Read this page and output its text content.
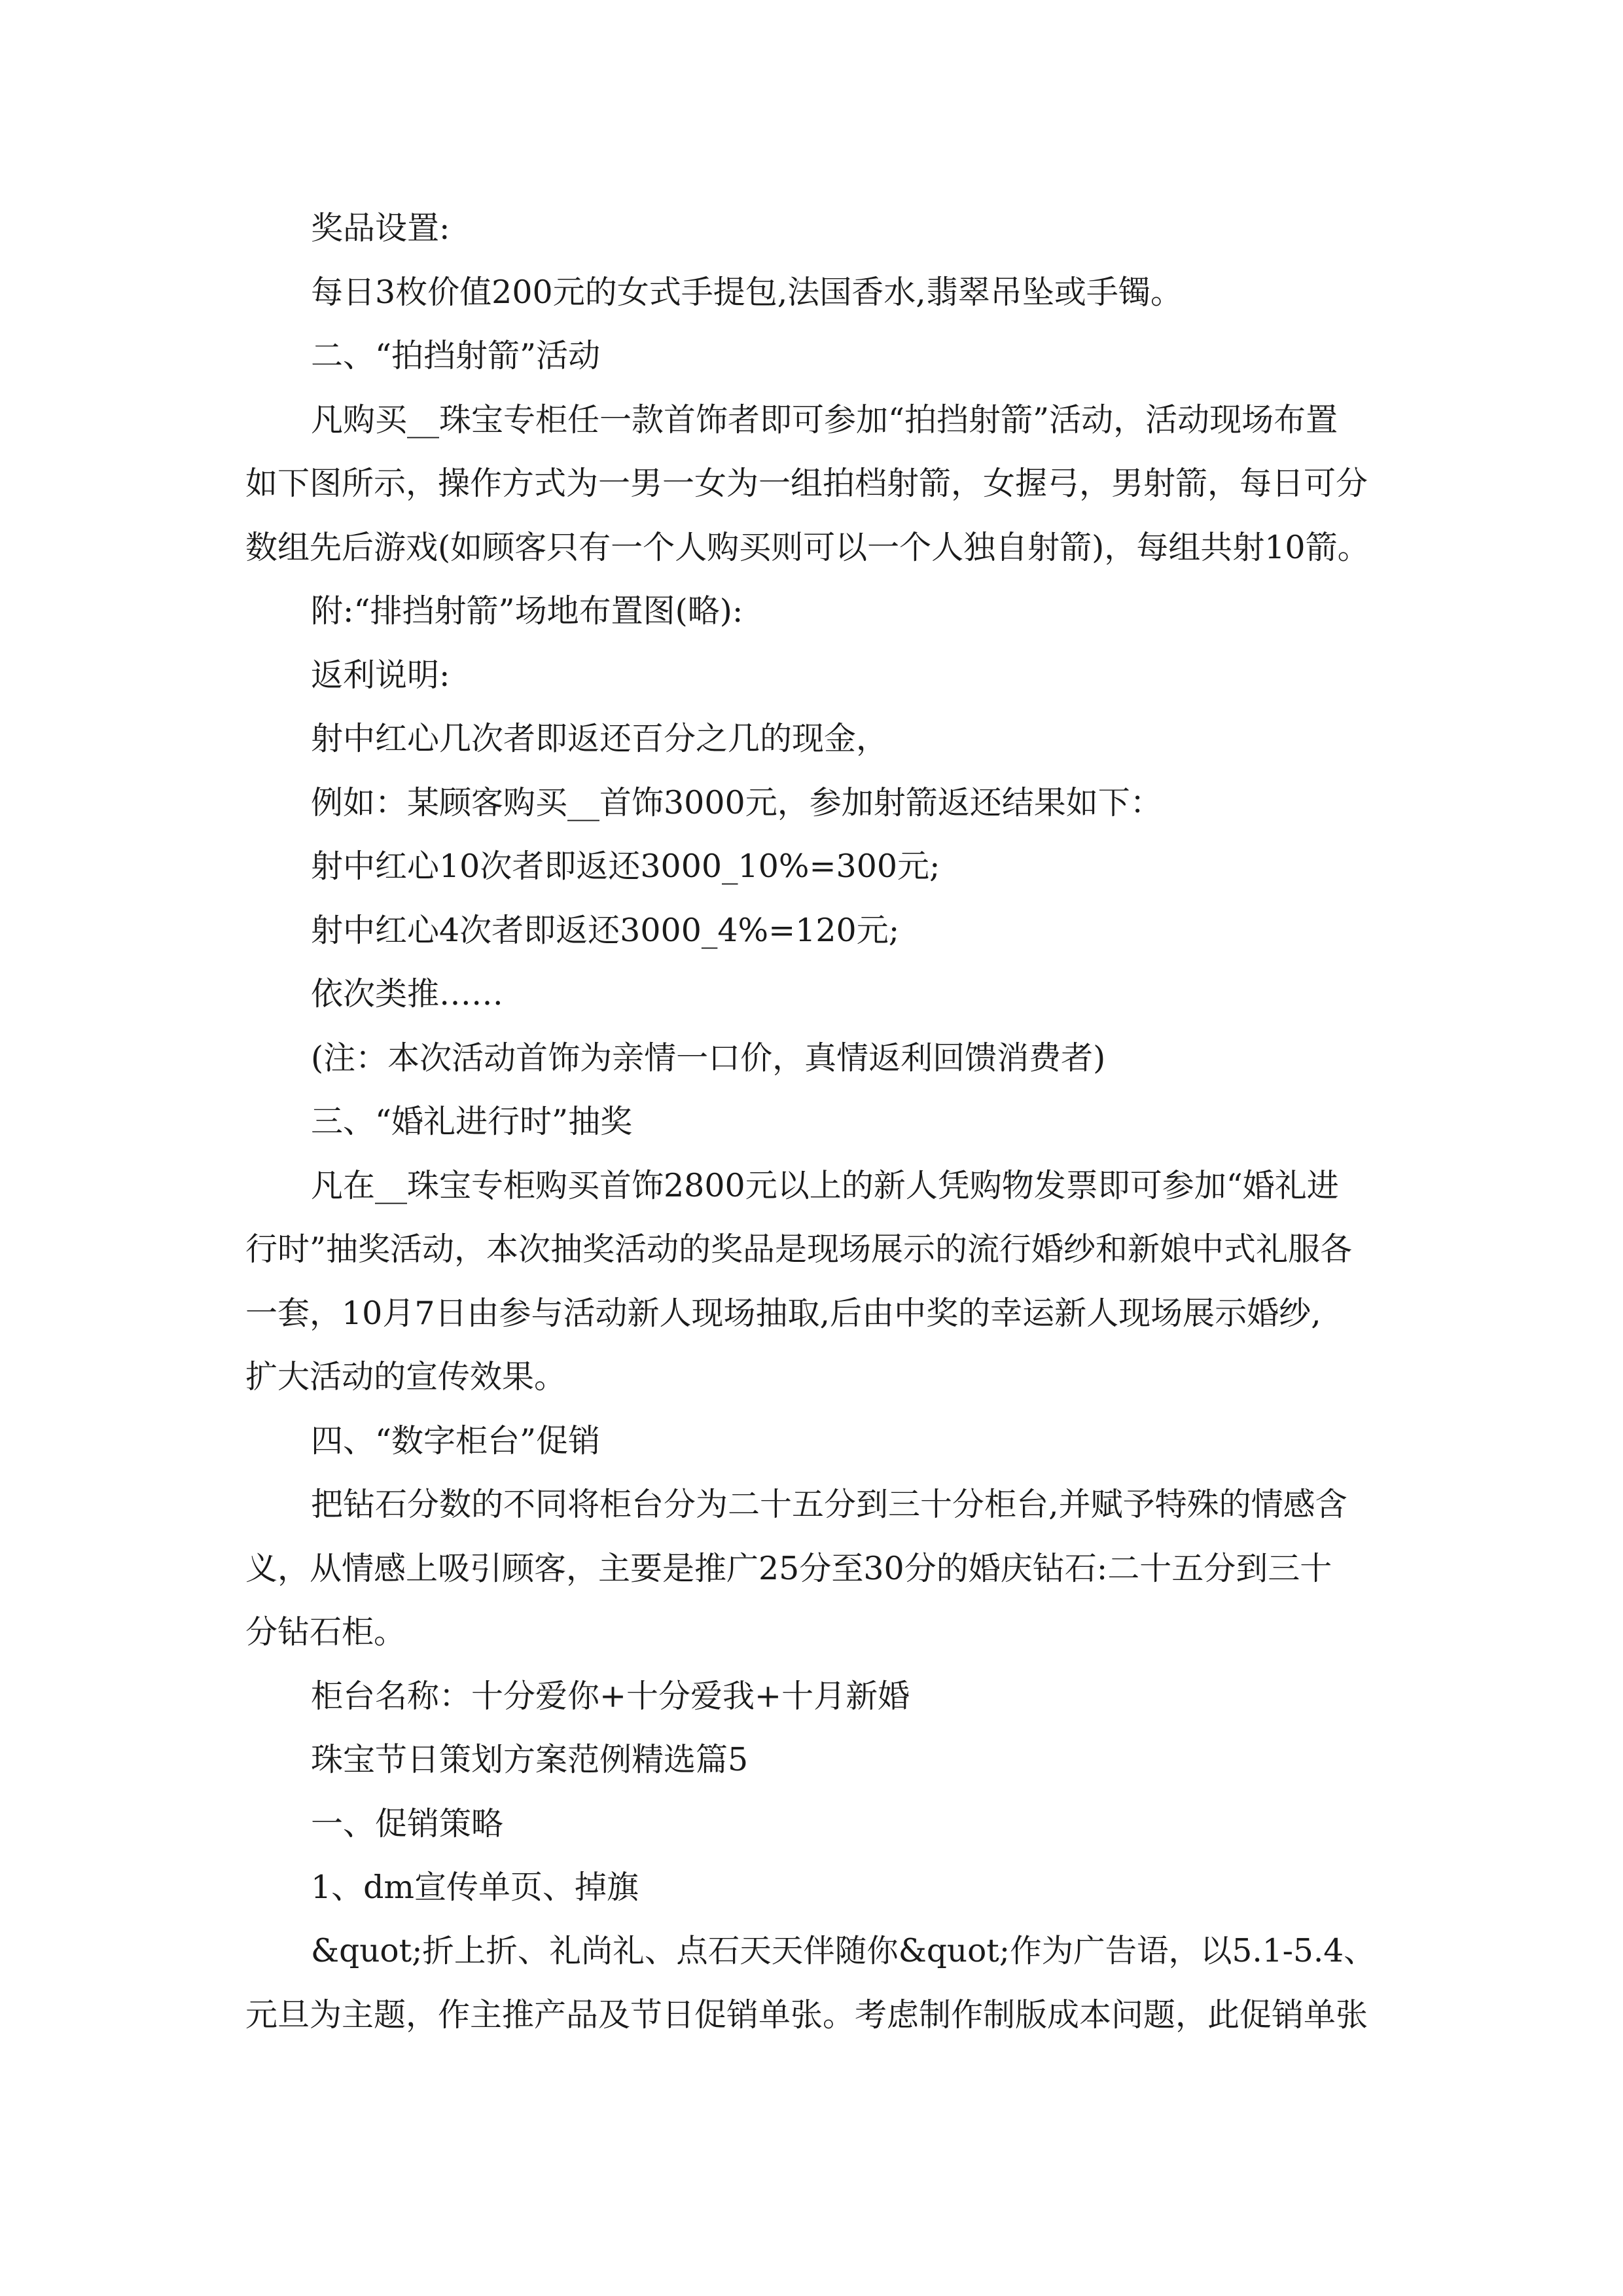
奖品设置:
每日3枚价值200元的女式手提包,法国香水,翡翠吊坠或手镯。
二、“拍挡射箭”活动
凡购买__珠宝专柜任一款首饰者即可参加“拍挡射箭”活动，活动现场布置
如下图所示，操作方式为一男一女为一组拍档射箭，女握弓，男射箭，每日可分
数组先后游戏(如顾客只有一个人购买则可以一个人独自射箭)，每组共射10箭。
附:“排挡射箭”场地布置图(略):
返利说明:
射中红心几次者即返还百分之几的现金，
例如：某顾客购买__首饰3000元，参加射箭返还结果如下：
射中红心10次者即返还3000_10%=300元;
射中红心4次者即返还3000_4%=120元;
依次类推……
(注：本次活动首饰为亲情一口价，真情返利回馈消费者)
三、“婚礼进行时”抽奖
凡在__珠宝专柜购买首饰2800元以上的新人凭购物发票即可参加“婚礼进
行时”抽奖活动，本次抽奖活动的奖品是现场展示的流行婚纱和新娘中式礼服各
一套，10月7日由参与活动新人现场抽取,后由中奖的幸运新人现场展示婚纱,
扩大活动的宣传效果。
四、“数字柜台”促销
把钻石分数的不同将柜台分为二十五分到三十分柜台,并赋予特殊的情感含
义，从情感上吸引顾客，主要是推广25分至30分的婚庆钻石:二十五分到三十
分钻石柜。
柜台名称：十分爱你+十分爱我+十月新婚
珠宝节日策划方案范例精选篇5
一、促销策略
1、dm宣传单页、掉旗
&quot;折上折、礼尚礼、点石天天伴随你&quot;作为广告语，以5.1-5.4、
元旦为主题，作主推产品及节日促销单张。考虑制作制版成本问题，此促销单张
